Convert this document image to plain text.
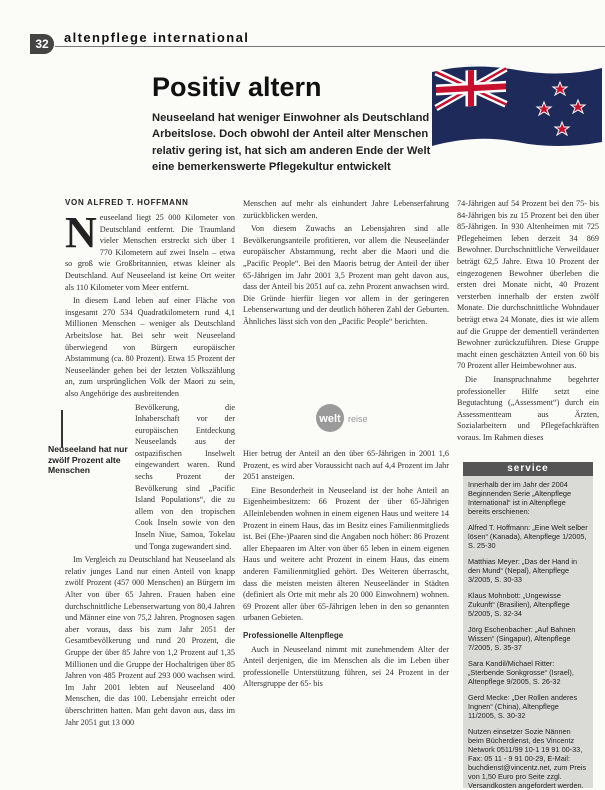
32	altenpflege international
Positiv altern
Neuseeland hat weniger Einwohner als Deutschland Arbeitslose. Doch obwohl der Anteil alter Menschen relativ gering ist, hat sich am anderen Ende der Welt eine bemerkenswerte Pflegekultur entwickelt
VON ALFRED T. HOFFMANN

Neuseeland liegt 25 000 Kilometer von Deutschland entfernt. Die Traumland vieler Menschen erstreckt sich über 1 770 Kilometern auf zwei Inseln – etwa so groß wie Großbritannien, etwas kleiner als Deutschland. Auf Neuseeland ist keine Ort weiter als 110 Kilometer vom Meer entfernt.

In diesem Land leben auf einer Fläche von insgesamt 270 534 Quadratkilometern rund 4,1 Millionen Menschen – weniger als Deutschland Arbeitslose hat. Bei sehr weit Neuseeland überwiegend von Bürgern europäischer Abstammung (ca. 80 Prozent). Etwa 15 Prozent der Neuseeländer gehen bei der letzten Volkszählung an, zum ursprünglichen Volk der Maori zu sein, also Angehörige des ausbreitenden

Bevölkerung, die Inhaberschaft vor der europäischen Entdeckung Neuseelands aus der ostpazifischen Inselwelt eingewandert waren. Rund sechs Prozent der Bevölkerung sind „Pacific Island Populations“, die zu allem von den tropischen Cook Inseln sowie von den Inseln Niue, Samoa, Tokelau und Tonga zugewandert sind.

Im Vergleich zu Deutschland hat Neuseeland als relativ junges Land nur einen Anteil von knapp zwölf Prozent (457 000 Menschen) an Bürgern im Alter von über 65 Jahren. Frauen haben eine durchschnittliche Lebenserwartung von 80,4 Jahren und Männer eine von 75,2 Jahren. Prognosen sagen aber voraus, dass bis zum Jahr 2051 der Gesamtbevölkerung und rund 20 Prozent, die Gruppe der über 85 Jahre von 1,2 Prozent auf 1,35 Millionen und die Gruppe der Hochaltrigen über 85 Jahren von 485 Prozent auf 293 000 wachsen wird. Im Jahr 2001 lebten auf Neuseeland 400 Menschen, die das 100. Lebensjahr erreicht oder überschritten hatten. Man geht davon aus, dass im Jahr 2051 gut 13 000

Neuseeland hat nur zwölf Prozent alte Menschen

Menschen auf mehr als einhundert Jahre Lebenserfahrung zurückblicken werden.

Von diesem Zuwachs an Lebensjahren sind alle Bevölkerungsanteile profitieren, vor allem die Neuseeländer europäischer Abstammung, recht aber die Maori und die „Pacific People“. Bei den Maoris betrug der Anteil der über 65-Jährigen im Jahr 2001 3,5 Prozent man geht davon aus, dass der Anteil bis 2051 auf ca. zehn Prozent anwachsen wird. Die Gründe hierfür liegen vor allem in der geringeren Lebenserwartung und der deutlich höheren Zahl der Geburten. Ähnliches lässt sich von den „Pacific People“ berichten.

welt reise

Hier betrug der Anteil an den über 65-Jährigen in 2001 1,6 Prozent, es wird aber Voraussicht nach auf 4,4 Prozent im Jahr 2051 ansteigen.

Eine Besonderheit in Neuseeland ist der hohe Anteil an Eigenheimbesitzern: 66 Prozent der über 65-Jährigen Alleinlebenden wohnen in einem eigenen Haus und weitere 14 Prozent in einem Haus, das im Besitz eines Familienmitglieds ist. Bei (Ehe-)Paaren sind die Angaben noch höher: 86 Prozent aller Ehepaaren im Alter von über 65 leben in einem eigenen Haus und weitere acht Prozent in einem Haus, das einem anderen Familienmitglied gehört. Des Weiteren überrascht, dass die meisten meisten älteren Neuseeländer in Städten (definiert als Orte mit mehr als 20 000 Einwohnern) wohnen. 69 Prozent aller über 65-Jährigen leben in den so genannten urbanen Gebieten.

Professionelle Altenpflege

Auch in Neuseeland nimmt mit zunehmendem Alter der Anteil derjenigen, die im Menschen als die im Leben über professionelle Unterstützung führen, sei 24 Prozent in der Altersgruppe der 65- bis

74-Jährigen auf 54 Prozent bei den 75- bis 84-Jährigen bis zu 15 Prozent bei den über 85-Jährigen. In 930 Altenheimen mit 725 Pflegeheimen leben derzeit 34 869 Bewohner. Durchschnittliche Verweildauer beträgt 62,5 Jahre. Etwa 10 Prozent der eingezogenen Bewohner überleben die ersten drei Monate nicht, 40 Prozent versterben innerhalb der ersten zwölf Monate. Die durchschnittliche Wohndauer beträgt etwa 24 Monate, dies ist wie allem auf die Gruppe der dementiell veränderten Bewohner zurückzuführen. Diese Gruppe macht einen geschätzten Anteil von 60 bis 70 Prozent aller Heimbewohner aus.

Die Inanspruchnahme begehrter professioneller Hilfe setzt eine Begutachtung („Assessment“) durch ein Assessmentteam aus Ärzten, Sozialarbeitern und Pflegefachkräften voraus. Im Rahmen dieses

service
Innerhalb der im Jahr der 2004 Beginnenden Serie „Altenpflege International“ ist in Altenpflege bereits erschienen:
Alfred T. Hoffmann: „Eine Welt selber lösen“ (Kanada), Altenpflege 1/2005, S. 25-30
Matthias Meyer: „Das der Hand in den Mund“ (Nepal), Altenpflege 3/2005, S. 30-33
Klaus Mohnbott: „Ungewisse Zukunft“ (Brasilien), Altenpflege 5/2005, S. 32-34
Jörg Eschenbacher: „Auf Bahnen Wissen“ (Singapur), Altenpflege 7/2005, S. 35-37
Sara Kandil/Michael Ritter: „Sterbende Sonkgrosse“ (Israel), Altenpflege 9/2005, S. 26-32
Gerd Mecke: „Der Rollen anderes Ingnen“ (China), Altenpflege 11/2005, S. 30-32
Nutzen einsetzer Sozie Nännen beim Bücherdienst, des Vincentz Network 0511/99 10-1 19 91 00-33, Fax: 05 11 - 9 91 00-29, E-Mail: buchdienst@vincentz.net, zum Preis von 1,50 Euro pro Seite zzgl. Versandkosten angefordert werden.
